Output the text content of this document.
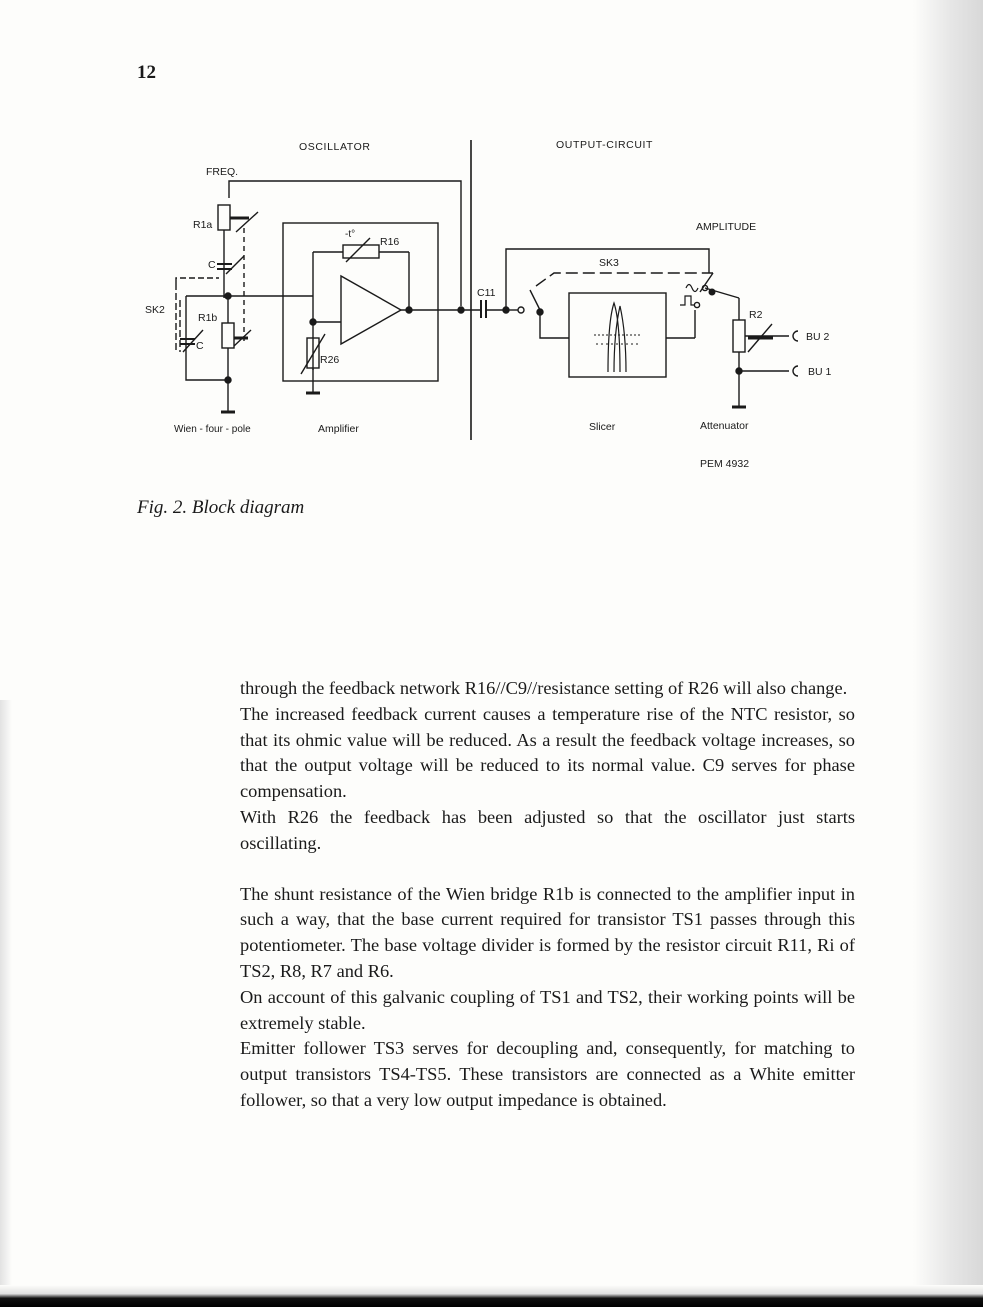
12
OSCILLATOR	OUTPUT-CIRCUIT
FREQ.
AMPLITUDE
R1a
C
SK2
R1b
C
R16
-t°
R26
C11
SK3
R2
BU 2
BU 1
Wien - four - pole	Amplifier	Slicer	Attenuator
PEM 4932
Fig. 2. Block diagram

through the feedback network R16//C9//resistance setting of R26 will also change.

The increased feedback current causes a temperature rise of the NTC resistor, so that its ohmic value will be reduced. As a result the feedback voltage increases, so that the output voltage will be reduced to its normal value. C9 serves for phase compensation.

With R26 the feedback has been adjusted so that the oscillator just starts oscillating.

The shunt resistance of the Wien bridge R1b is connected to the amplifier input in such a way, that the base current required for transistor TS1 passes through this potentiometer. The base voltage divider is formed by the resistor circuit R11, Ri of TS2, R8, R7 and R6.

On account of this galvanic coupling of TS1 and TS2, their working points will be extremely stable.

Emitter follower TS3 serves for decoupling and, consequently, for matching to output transistors TS4-TS5. These transistors are connected as a White emitter follower, so that a very low output impedance is obtained.
